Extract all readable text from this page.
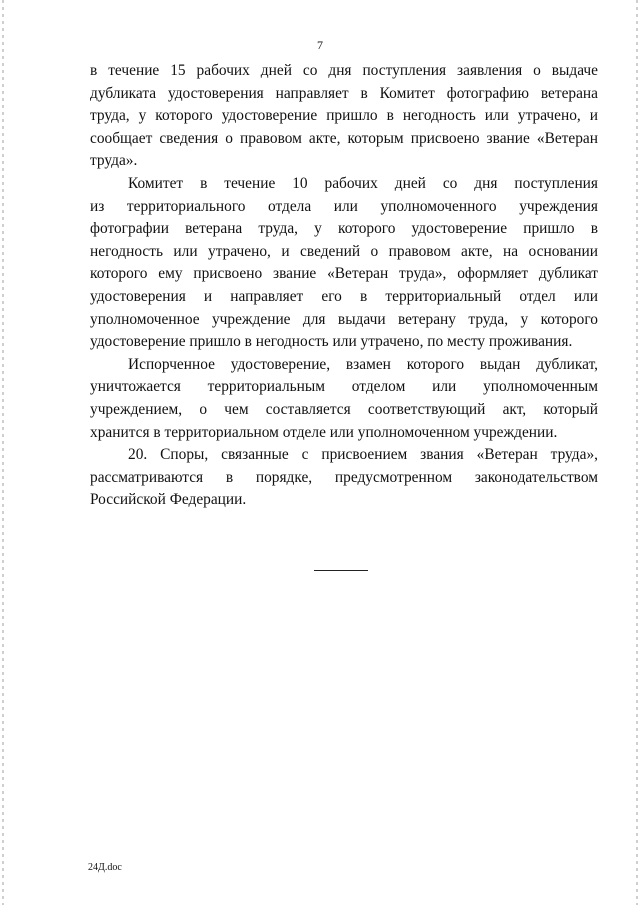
7

в течение 15 рабочих дней со дня поступления заявления о выдаче
дубликата удостоверения направляет в Комитет фотографию ветерана
труда, у которого удостоверение пришло в негодность или утрачено, и
сообщает сведения о правовом акте, которым присвоено звание «Ветеран
труда».

Комитет в течение 10 рабочих дней со дня поступления
из территориального отдела или уполномоченного учреждения
фотографии ветерана труда, у которого удостоверение пришло в
негодность или утрачено, и сведений о правовом акте, на основании
которого ему присвоено звание «Ветеран труда», оформляет дубликат
удостоверения и направляет его в территориальный отдел или
уполномоченное учреждение для выдачи ветерану труда, у которого
удостоверение пришло в негодность или утрачено, по месту проживания.

Испорченное удостоверение, взамен которого выдан дубликат,
уничтожается территориальным отделом или уполномоченным
учреждением, о чем составляется соответствующий акт, который
хранится в территориальном отделе или уполномоченном учреждении.

20. Споры, связанные с присвоением звания «Ветеран труда»,
рассматриваются в порядке, предусмотренном законодательством
Российской Федерации.

24Д.doc
